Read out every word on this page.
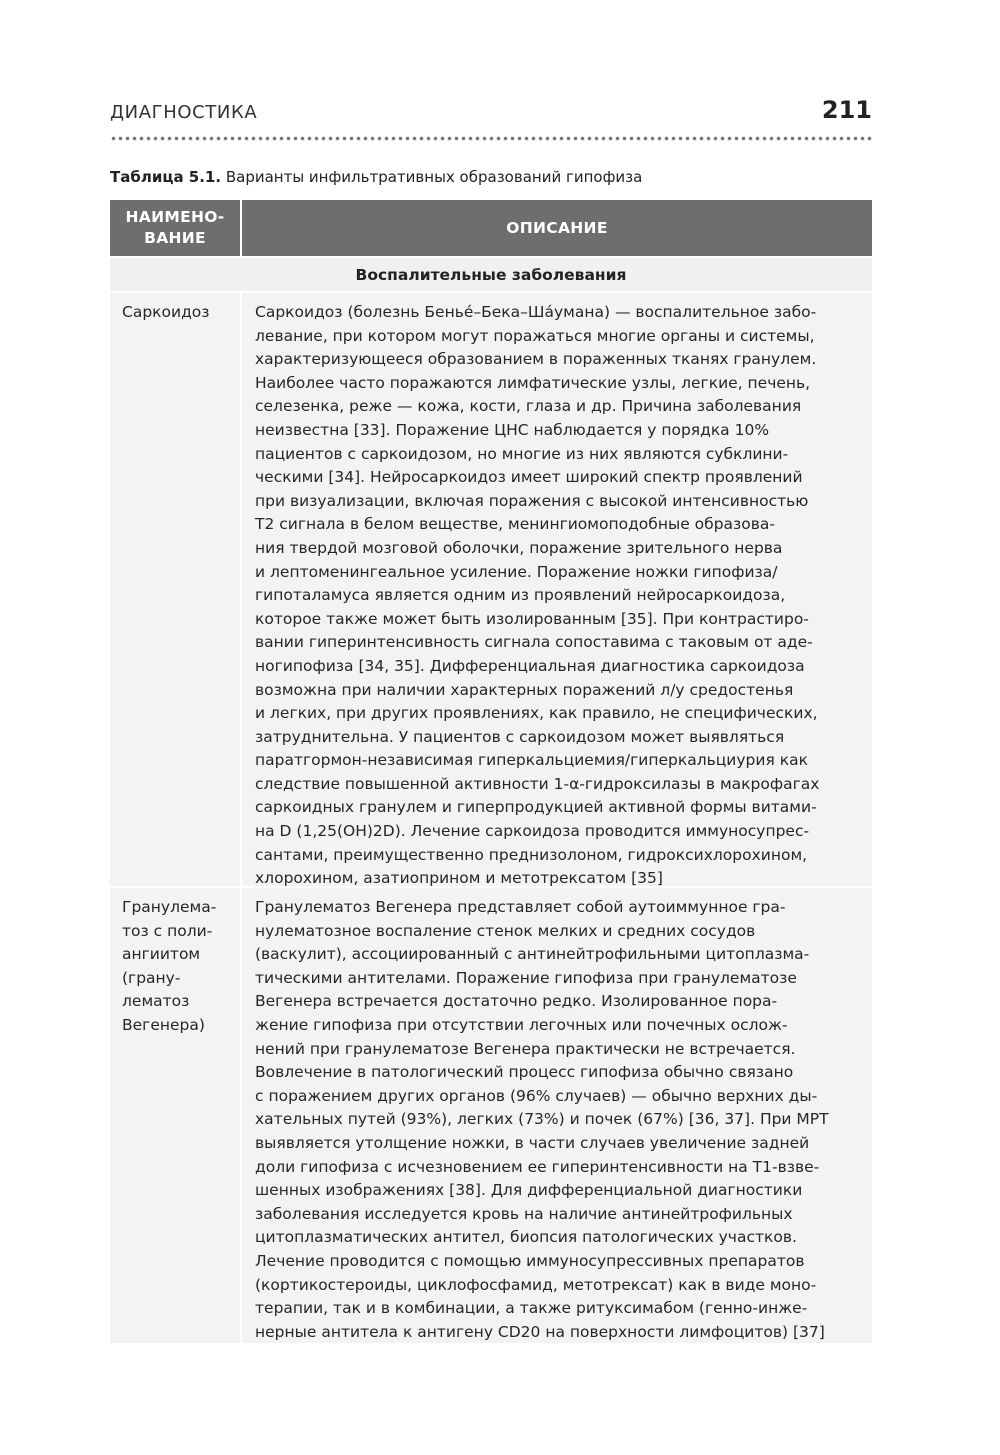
ДИАГНОСТИКА	211
Таблица 5.1. Варианты инфильтративных образований гипофиза
НАИМЕНО-
ВАНИЕ
ОПИСАНИЕ
Воспалительные заболевания
Саркоидоз	Саркоидоз (болезнь Бенье́–Бека–Ша́умана) — воспалительное забо-
левание, при котором могут поражаться многие органы и системы,
характеризующееся образованием в пораженных тканях гранулем.
Наиболее часто поражаются лимфатические узлы, легкие, печень,
селезенка, реже — кожа, кости, глаза и др. Причина заболевания
неизвестна [33]. Поражение ЦНС наблюдается у порядка 10%
пациентов с саркоидозом, но многие из них являются субклини-
ческими [34]. Нейросаркоидоз имеет широкий спектр проявлений
при визуализации, включая поражения с высокой интенсивностью
T2 сигнала в белом веществе, менингиомоподобные образова-
ния твердой мозговой оболочки, поражение зрительного нерва
и лептоменингеальное усиление. Поражение ножки гипофиза/
гипоталамуса является одним из проявлений нейросаркоидоза,
которое также может быть изолированным [35]. При контрастиро-
вании гиперинтенсивность сигнала сопоставима с таковым от аде-
ногипофиза [34, 35]. Дифференциальная диагностика саркоидоза
возможна при наличии характерных поражений л/у средостенья
и легких, при других проявлениях, как правило, не специфических,
затруднительна. У пациентов с саркоидозом может выявляться
паратгормон-независимая гиперкальциемия/гиперкальциурия как
следствие повышенной активности 1-α-гидроксилазы в макрофагах
саркоидных гранулем и гиперпродукцией активной формы витами-
на D (1,25(OH)2D). Лечение саркоидоза проводится иммуносупрес-
сантами, преимущественно преднизолоном, гидроксихлорохином,
хлорохином, азатиоприном и метотрексатом [35]
Гранулема-
тоз с поли-
ангиитом
(грану-
лематоз
Вегенера)
Гранулематоз Вегенера представляет собой аутоиммунное гра-
нулематозное воспаление стенок мелких и средних сосудов
(васкулит), ассоциированный с антинейтрофильными цитоплазма-
тическими антителами. Поражение гипофиза при гранулематозе
Вегенера встречается достаточно редко. Изолированное пора-
жение гипофиза при отсутствии легочных или почечных ослож-
нений при гранулематозе Вегенера практически не встречается.
Вовлечение в патологический процесс гипофиза обычно связано
с поражением других органов (96% случаев) — обычно верхних ды-
хательных путей (93%), легких (73%) и почек (67%) [36, 37]. При МРТ
выявляется утолщение ножки, в части случаев увеличение задней
доли гипофиза с исчезновением ее гиперинтенсивности на T1-взве-
шенных изображениях [38]. Для дифференциальной диагностики
заболевания исследуется кровь на наличие антинейтрофильных
цитоплазматических антител, биопсия патологических участков.
Лечение проводится с помощью иммуносупрессивных препаратов
(кортикостероиды, циклофосфамид, метотрексат) как в виде моно-
терапии, так и в комбинации, а также ритуксимабом (генно-инже-
нерные антитела к антигену CD20 на поверхности лимфоцитов) [37]
